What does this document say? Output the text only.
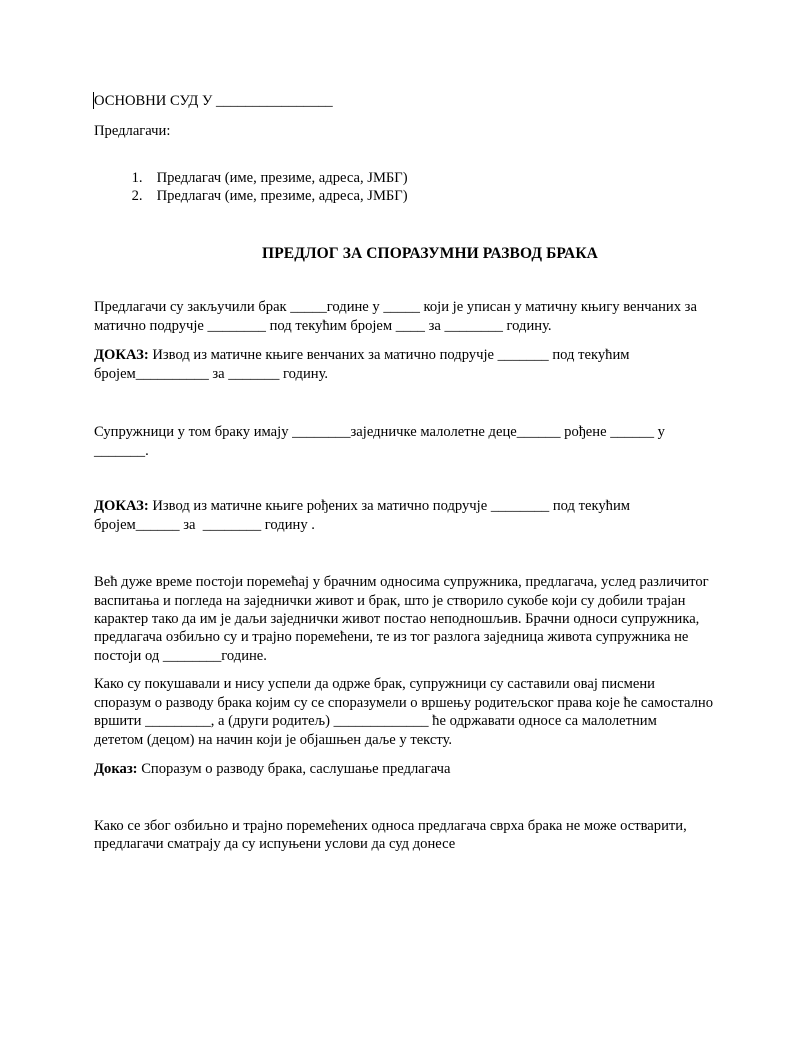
ОСНОВНИ СУД У ________________
Предлагачи:

1. Предлагач (име, презиме, адреса, ЈМБГ)

2. Предлагач (име, презиме, адреса, ЈМБГ)

ПРЕДЛОГ ЗА СПОРАЗУМНИ РАЗВОД БРАКА
Предлагачи су закључили брак _____године у _____ који је уписан у матичну књигу венчаних за
матично подручје ________ под текућим бројем ____ за ________ годину.
ДОКАЗ: Извод из матичне књиге венчаних за матично подручје _______ под текућим
бројем__________ за _______ годину.
Супружници у том браку имају ________заједничке малолетне деце______ рођене ______ у
_______.
ДОКАЗ: Извод из матичне књиге рођених за матично подручје ________ под текућим
бројем______ за  ________ годину .
Већ дуже време постоји поремећај у брачним односима супружника, предлагача, услед различитог
васпитања и погледа на заједнички живот и брак, што је створило сукобе који су добили трајан
карактер тако да им је даљи заједнички живот постао неподношљив. Брачни односи супружника,
предлагача озбиљно су и трајно поремећени, те из тог разлога заједница живота супружника не
постоји од ________године.
Како су покушавали и нису успели да одрже брак, супружници су саставили овај писмени
споразум о разводу брака којим су се споразумели о вршењу родитељског права које ће самостално
вршити _________, а (други родитељ) _____________ ће одржавати односе са малолетним
дететом (децом) на начин који је објашњен даље у тексту.
Доказ: Споразум о разводу брака, саслушање предлагача
Како се због озбиљно и трајно поремећених односа предлагача сврха брака не може остварити,
предлагачи сматрају да су испуњени услови да суд донесе
